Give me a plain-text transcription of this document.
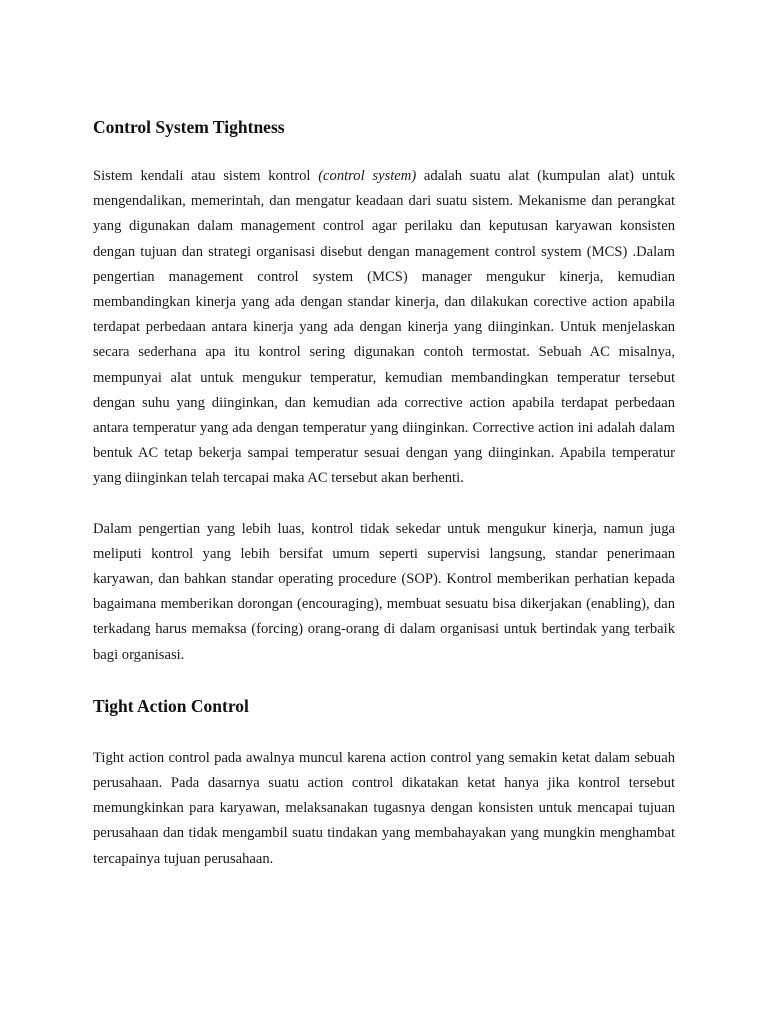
Control System Tightness

Sistem kendali atau sistem kontrol (control system) adalah suatu alat (kumpulan alat) untuk mengendalikan, memerintah, dan mengatur keadaan dari suatu sistem. Mekanisme dan perangkat yang digunakan dalam management control agar perilaku dan keputusan karyawan konsisten dengan tujuan dan strategi organisasi disebut dengan management control system (MCS) .Dalam pengertian management control system (MCS) manager mengukur kinerja, kemudian membandingkan kinerja yang ada dengan standar kinerja, dan dilakukan corective action apabila terdapat perbedaan antara kinerja yang ada dengan kinerja yang diinginkan. Untuk menjelaskan secara sederhana apa itu kontrol sering digunakan contoh termostat. Sebuah AC misalnya, mempunyai alat untuk mengukur temperatur, kemudian membandingkan temperatur tersebut dengan suhu yang diinginkan, dan kemudian ada corrective action apabila terdapat perbedaan antara temperatur yang ada dengan temperatur yang diinginkan. Corrective action ini adalah dalam bentuk AC tetap bekerja sampai temperatur sesuai dengan yang diinginkan. Apabila temperatur yang diinginkan telah tercapai maka AC tersebut akan berhenti.

Dalam pengertian yang lebih luas, kontrol tidak sekedar untuk mengukur kinerja, namun juga meliputi kontrol yang lebih bersifat umum seperti supervisi langsung, standar penerimaan karyawan, dan bahkan standar operating procedure (SOP). Kontrol memberikan perhatian kepada bagaimana memberikan dorongan (encouraging), membuat sesuatu bisa dikerjakan (enabling), dan terkadang harus memaksa (forcing) orang-orang di dalam organisasi untuk bertindak yang terbaik bagi organisasi.

Tight Action Control

Tight action control pada awalnya muncul karena action control yang semakin ketat dalam sebuah perusahaan. Pada dasarnya suatu action control dikatakan ketat hanya jika kontrol tersebut memungkinkan para karyawan, melaksanakan tugasnya dengan konsisten untuk mencapai tujuan perusahaan dan tidak mengambil suatu tindakan yang membahayakan yang mungkin menghambat tercapainya tujuan perusahaan.
